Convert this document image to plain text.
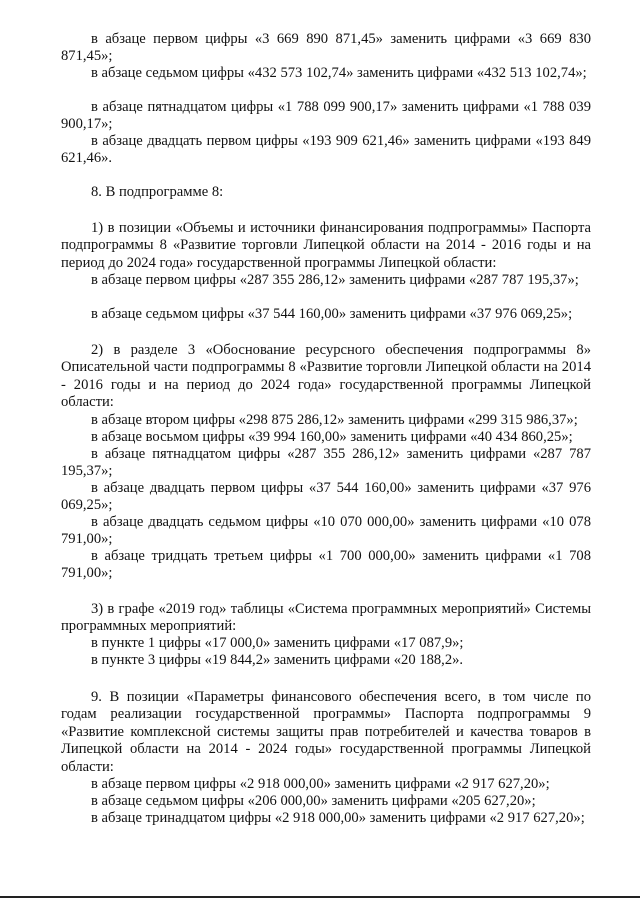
в абзаце первом цифры «3 669 890 871,45» заменить цифрами «3 669 830 871,45»;

в абзаце седьмом цифры «432 573 102,74» заменить цифрами «432 513 102,74»;

в абзаце пятнадцатом цифры «1 788 099 900,17» заменить цифрами «1 788 039 900,17»;

в абзаце двадцать первом цифры «193 909 621,46» заменить цифрами «193 849 621,46».

8. В подпрограмме 8:

1) в позиции «Объемы и источники финансирования подпрограммы» Паспорта подпрограммы 8 «Развитие торговли Липецкой области на 2014 - 2016 годы и на период до 2024 года» государственной программы Липецкой области:

в абзаце первом цифры «287 355 286,12» заменить цифрами «287 787 195,37»;

в абзаце седьмом цифры «37 544 160,00» заменить цифрами «37 976 069,25»;

2) в разделе 3 «Обоснование ресурсного обеспечения подпрограммы 8» Описательной части подпрограммы 8 «Развитие торговли Липецкой области на 2014 - 2016 годы и на период до 2024 года» государственной программы Липецкой области:

в абзаце втором цифры «298 875 286,12» заменить цифрами «299 315 986,37»;

в абзаце восьмом цифры «39 994 160,00» заменить цифрами «40 434 860,25»;

в абзаце пятнадцатом цифры «287 355 286,12» заменить цифрами «287 787 195,37»;

в абзаце двадцать первом цифры «37 544 160,00» заменить цифрами «37 976 069,25»;

в абзаце двадцать седьмом цифры «10 070 000,00» заменить цифрами «10 078 791,00»;

в абзаце тридцать третьем цифры «1 700 000,00» заменить цифрами «1 708 791,00»;

3) в графе «2019 год» таблицы «Система программных мероприятий» Системы программных мероприятий:

в пункте 1 цифры «17 000,0» заменить цифрами «17 087,9»;

в пункте 3 цифры «19 844,2» заменить цифрами «20 188,2».

9. В позиции «Параметры финансового обеспечения всего, в том числе по годам реализации государственной программы» Паспорта подпрограммы 9 «Развитие комплексной системы защиты прав потребителей и качества товаров в Липецкой области на 2014 - 2024 годы» государственной программы Липецкой области:

в абзаце первом цифры «2 918 000,00» заменить цифрами «2 917 627,20»;

в абзаце седьмом цифры «206 000,00» заменить цифрами «205 627,20»;

в абзаце тринадцатом цифры «2 918 000,00» заменить цифрами «2 917 627,20»;
